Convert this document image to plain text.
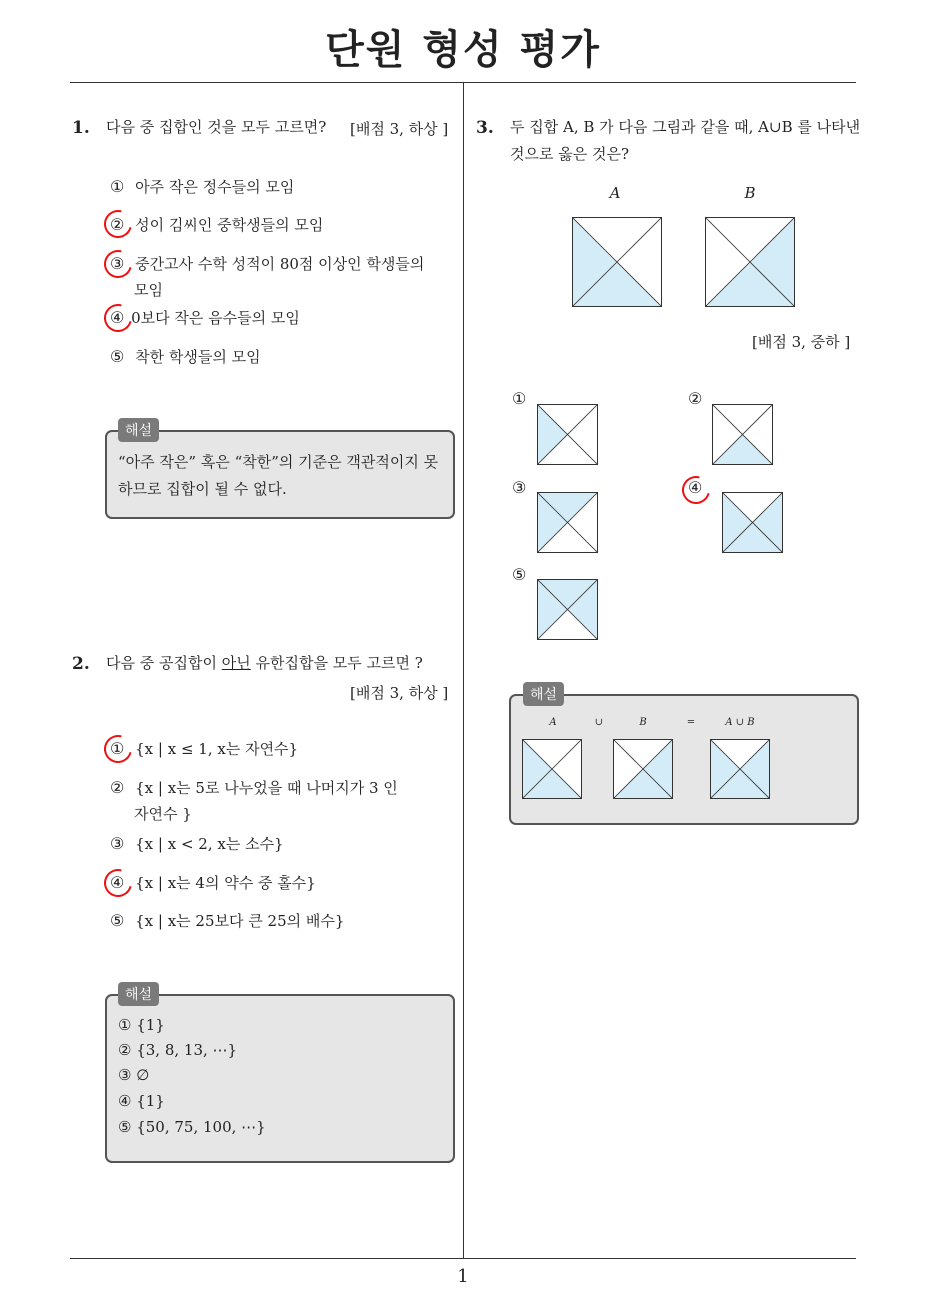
단원 형성 평가
1. 다음 중 집합인 것을 모두 고르면? [배점 3, 하상 ]
① 아주 작은 정수들의 모임
② 성이 김씨인 중학생들의 모임
③ 중간고사 수학 성적이 80점 이상인 학생들의
모임
④ 0보다 작은 음수들의 모임
⑤ 착한 학생들의 모임
해설
“아주 작은” 혹은 “착한”의 기준은 객관적이지 못
하므로 집합이 될 수 없다.
2. 다음 중 공집합이 아닌 유한집합을 모두 고르면 ?
[배점 3, 하상 ]
① {x | x ≤ 1, x는 자연수}
② {x | x는 5로 나누었을 때 나머지가 3 인
자연수 }
③ {x | x < 2, x는 소수}
④ {x | x는 4의 약수 중 홀수}
⑤ {x | x는 25보다 큰 25의 배수}
해설
① {1}
② {3, 8, 13, ⋯}
③ ∅
④ {1}
⑤ {50, 75, 100, ⋯}
3. 두 집합 A, B 가 다음 그림과 같을 때, A∪B 를 나타낸
것으로 옳은 것은?
A	B
[배점 3, 중하 ]
①	②
③	④
⑤
해설
A	∪	B	=	A ∪ B
1
